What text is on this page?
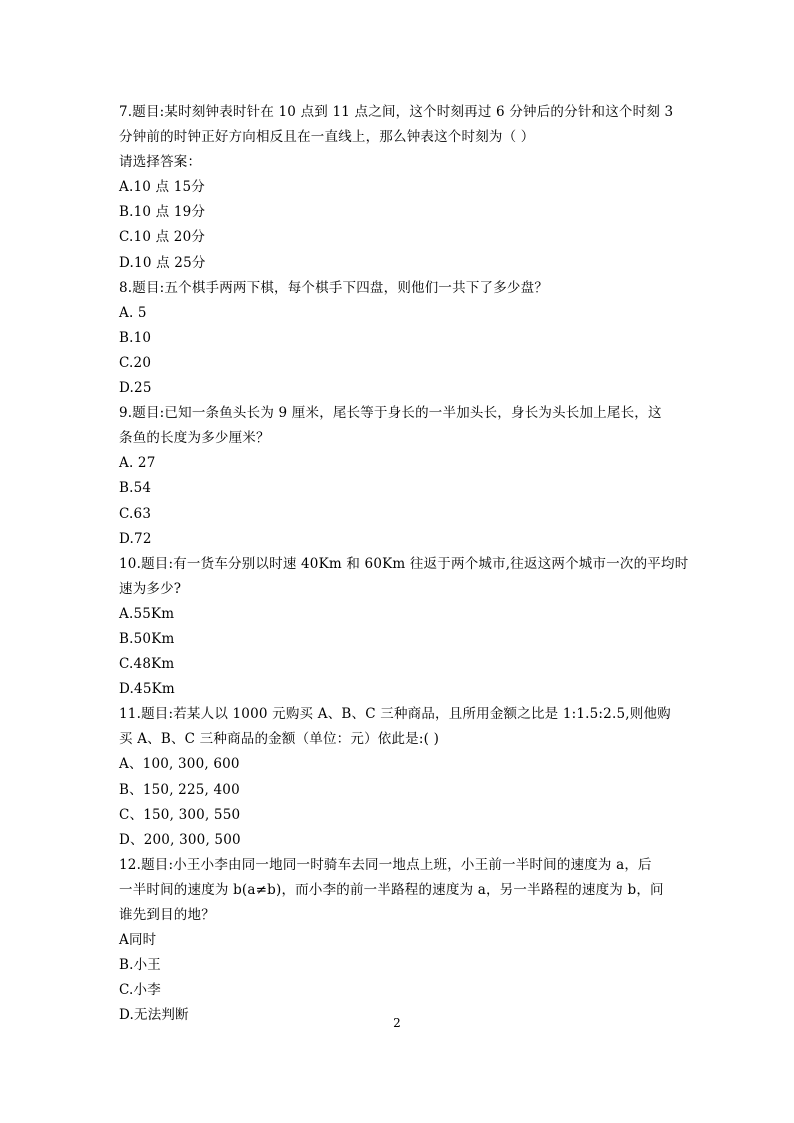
7.题目:某时刻钟表时针在 10 点到 11 点之间，这个时刻再过 6 分钟后的分针和这个时刻 3
分钟前的时钟正好方向相反且在一直线上，那么钟表这个时刻为（ ）
请选择答案：
A.10 点 15分
B.10 点 19分
C.10 点 20分
D.10 点 25分
8.题目:五个棋手两两下棋，每个棋手下四盘，则他们一共下了多少盘？
A. 5
B.10
C.20
D.25
9.题目:已知一条鱼头长为 9 厘米，尾长等于身长的一半加头长，身长为头长加上尾长，这
条鱼的长度为多少厘米？
A. 27
B.54
C.63
D.72
10.题目:有一货车分别以时速 40Km 和 60Km 往返于两个城市,往返这两个城市一次的平均时
速为多少?
A.55Km
B.50Km
C.48Km
D.45Km
11.题目:若某人以 1000 元购买 A、B、C 三种商品，且所用金额之比是 1:1.5:2.5,则他购
买 A、B、C 三种商品的金额（单位：元）依此是:( )
A、100, 300, 600
B、150, 225, 400
C、150, 300, 550
D、200, 300, 500
12.题目:小王小李由同一地同一时骑车去同一地点上班，小王前一半时间的速度为 a，后
一半时间的速度为 b(a≠b)，而小李的前一半路程的速度为 a，另一半路程的速度为 b，问
谁先到目的地？
A同时
B.小王
C.小李
D.无法判断	2
